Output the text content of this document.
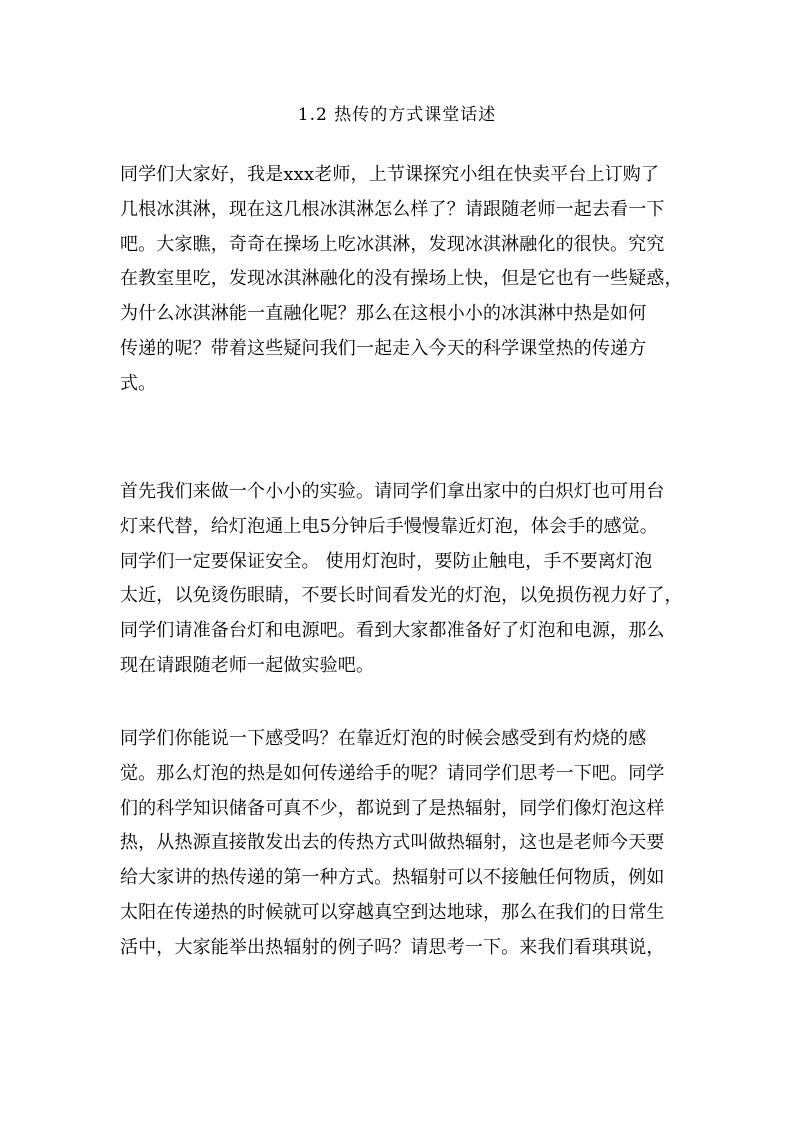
1.2 热传的方式课堂话述

同学们大家好，我是xxx老师，上节课探究小组在快卖平台上订购了
几根冰淇淋，现在这几根冰淇淋怎么样了？请跟随老师一起去看一下
吧。大家瞧，奇奇在操场上吃冰淇淋，发现冰淇淋融化的很快。究究
在教室里吃，发现冰淇淋融化的没有操场上快，但是它也有一些疑惑，
为什么冰淇淋能一直融化呢？那么在这根小小的冰淇淋中热是如何
传递的呢？带着这些疑问我们一起走入今天的科学课堂热的传递方
式。

首先我们来做一个小小的实验。请同学们拿出家中的白炽灯也可用台
灯来代替，给灯泡通上电5分钟后手慢慢靠近灯泡，体会手的感觉。
同学们一定要保证安全。 使用灯泡时，要防止触电，手不要离灯泡
太近，以免烫伤眼睛，不要长时间看发光的灯泡，以免损伤视力好了，
同学们请准备台灯和电源吧。看到大家都准备好了灯泡和电源，那么
现在请跟随老师一起做实验吧。

同学们你能说一下感受吗？在靠近灯泡的时候会感受到有灼烧的感
觉。那么灯泡的热是如何传递给手的呢？请同学们思考一下吧。同学
们的科学知识储备可真不少，都说到了是热辐射，同学们像灯泡这样
热，从热源直接散发出去的传热方式叫做热辐射，这也是老师今天要
给大家讲的热传递的第一种方式。热辐射可以不接触任何物质，例如
太阳在传递热的时候就可以穿越真空到达地球，那么在我们的日常生
活中，大家能举出热辐射的例子吗？请思考一下。来我们看琪琪说，
